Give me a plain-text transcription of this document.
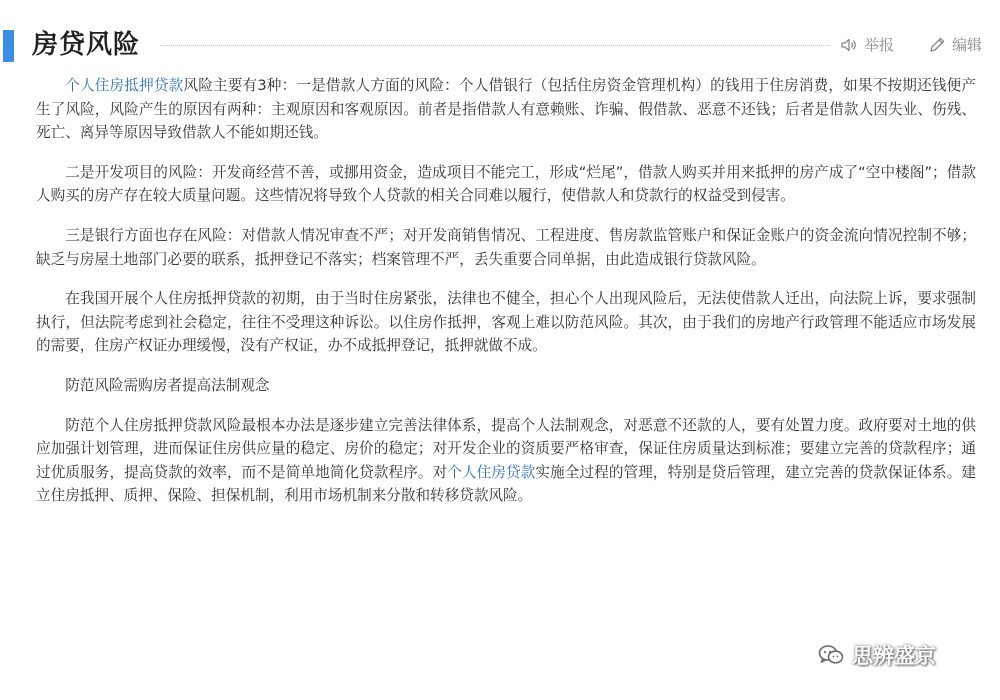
房贷风险	举报	编辑

个人住房抵押贷款风险主要有3种：一是借款人方面的风险：个人借银行（包括住房资金管理机构）的钱用于住房消费，如果不按期还钱便产生了风险，风险产生的原因有两种：主观原因和客观原因。前者是指借款人有意赖账、诈骗、假借款、恶意不还钱；后者是借款人因失业、伤残、死亡、离异等原因导致借款人不能如期还钱。

二是开发项目的风险：开发商经营不善，或挪用资金，造成项目不能完工，形成“烂尾”，借款人购买并用来抵押的房产成了“空中楼阁”；借款人购买的房产存在较大质量问题。这些情况将导致个人贷款的相关合同难以履行，使借款人和贷款行的权益受到侵害。

三是银行方面也存在风险：对借款人情况审查不严；对开发商销售情况、工程进度、售房款监管账户和保证金账户的资金流向情况控制不够；缺乏与房屋土地部门必要的联系，抵押登记不落实；档案管理不严，丢失重要合同单据，由此造成银行贷款风险。

在我国开展个人住房抵押贷款的初期，由于当时住房紧张，法律也不健全，担心个人出现风险后，无法使借款人迁出，向法院上诉，要求强制执行，但法院考虑到社会稳定，往往不受理这种诉讼。以住房作抵押，客观上难以防范风险。其次，由于我们的房地产行政管理不能适应市场发展的需要，住房产权证办理缓慢，没有产权证，办不成抵押登记，抵押就做不成。

防范风险需购房者提高法制观念

防范个人住房抵押贷款风险最根本办法是逐步建立完善法律体系，提高个人法制观念，对恶意不还款的人，要有处置力度。政府要对土地的供应加强计划管理，进而保证住房供应量的稳定、房价的稳定；对开发企业的资质要严格审查，保证住房质量达到标准；要建立完善的贷款程序；通过优质服务，提高贷款的效率，而不是简单地简化贷款程序。对个人住房贷款实施全过程的管理，特别是贷后管理，建立完善的贷款保证体系。建立住房抵押、质押、保险、担保机制，利用市场机制来分散和转移贷款风险。

思辨盛京
